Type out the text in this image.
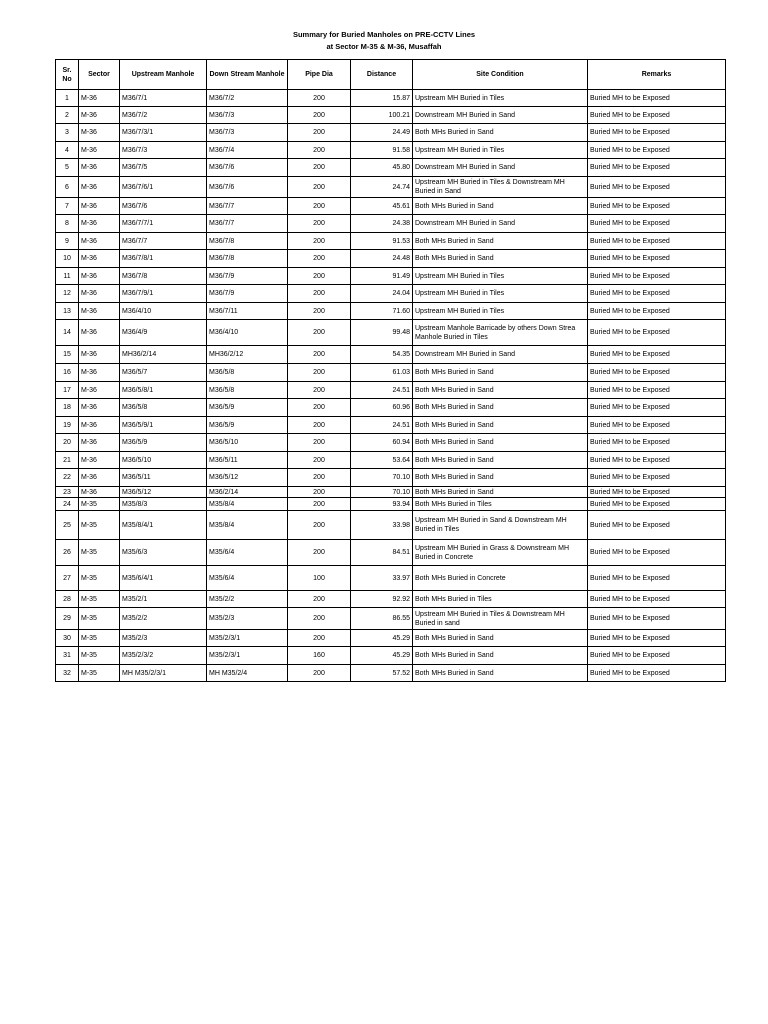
Summary for Buried Manholes on PRE-CCTV Lines
at Sector M-35 & M-36, Musaffah
Sr. No	Sector	Upstream Manhole	Down Stream Manhole	Pipe Dia	Distance	Site Condition	Remarks
1	M-36	M36/7/1	M36/7/2	200	15.87	Upstream MH Buried in Tiles	Buried MH to be Exposed
2	M-36	M36/7/2	M36/7/3	200	100.21	Downstream MH Buried in Sand	Buried MH to be Exposed
3	M-36	M36/7/3/1	M36/7/3	200	24.49	Both MHs Buried in Sand	Buried MH to be Exposed
4	M-36	M36/7/3	M36/7/4	200	91.58	Upstream MH Buried in Tiles	Buried MH to be Exposed
5	M-36	M36/7/5	M36/7/6	200	45.80	Downstream MH Buried in Sand	Buried MH to be Exposed
6	M-36	M36/7/6/1	M36/7/6	200	24.74	Upstream MH Buried in Tiles & Downstream MH Buried in Sand	Buried MH to be Exposed
7	M-36	M36/7/6	M36/7/7	200	45.61	Both MHs Buried in Sand	Buried MH to be Exposed
8	M-36	M36/7/7/1	M36/7/7	200	24.38	Downstream MH Buried in Sand	Buried MH to be Exposed
9	M-36	M36/7/7	M36/7/8	200	91.53	Both MHs Buried in Sand	Buried MH to be Exposed
10	M-36	M36/7/8/1	M36/7/8	200	24.48	Both MHs Buried in Sand	Buried MH to be Exposed
11	M-36	M36/7/8	M36/7/9	200	91.49	Upstream MH Buried in Tiles	Buried MH to be Exposed
12	M-36	M36/7/9/1	M36/7/9	200	24.04	Upstream MH Buried in Tiles	Buried MH to be Exposed
13	M-36	M36/4/10	M36/7/11	200	71.60	Upstream MH Buried in Tiles	Buried MH to be Exposed
14	M-36	M36/4/9	M36/4/10	200	99.48	Upstream Manhole Barricade by others Down Strea Manhole Buried in Tiles	Buried MH to be Exposed
15	M-36	MH36/2/14	MH36/2/12	200	54.35	Downstream MH Buried in Sand	Buried MH to be Exposed
16	M-36	M36/5/7	M36/5/8	200	61.03	Both MHs Buried in Sand	Buried MH to be Exposed
17	M-36	M36/5/8/1	M36/5/8	200	24.51	Both MHs Buried in Sand	Buried MH to be Exposed
18	M-36	M36/5/8	M36/5/9	200	60.96	Both MHs Buried in Sand	Buried MH to be Exposed
19	M-36	M36/5/9/1	M36/5/9	200	24.51	Both MHs Buried in Sand	Buried MH to be Exposed
20	M-36	M36/5/9	M36/5/10	200	60.94	Both MHs Buried in Sand	Buried MH to be Exposed
21	M-36	M36/5/10	M36/5/11	200	53.64	Both MHs Buried in Sand	Buried MH to be Exposed
22	M-36	M36/5/11	M36/5/12	200	70.10	Both MHs Buried in Sand	Buried MH to be Exposed
23	M-36	M36/5/12	M36/2/14	200	70.10	Both MHs Buried in Sand	Buried MH to be Exposed
24	M-35	M35/8/3	M35/8/4	200	93.94	Both MHs Buried in Tiles	Buried MH to be Exposed
25	M-35	M35/8/4/1	M35/8/4	200	33.98	Upstream MH Buried in Sand & Downstream MH Buried in Tiles	Buried MH to be Exposed
26	M-35	M35/6/3	M35/6/4	200	84.51	Upstream MH Buried in Grass & Downstream MH Buried in Concrete	Buried MH to be Exposed
27	M-35	M35/6/4/1	M35/6/4	100	33.97	Both MHs Buried in Concrete	Buried MH to be Exposed
28	M-35	M35/2/1	M35/2/2	200	92.92	Both MHs Buried in Tiles	Buried MH to be Exposed
29	M-35	M35/2/2	M35/2/3	200	86.55	Upstream MH Buried in Tiles & Downstream MH Buried in sand	Buried MH to be Exposed
30	M-35	M35/2/3	M35/2/3/1	200	45.29	Both MHs Buried in Sand	Buried MH to be Exposed
31	M-35	M35/2/3/2	M35/2/3/1	160	45.29	Both MHs Buried in Sand	Buried MH to be Exposed
32	M-35	MH M35/2/3/1	MH M35/2/4	200	57.52	Both MHs Buried in Sand	Buried MH to be Exposed
